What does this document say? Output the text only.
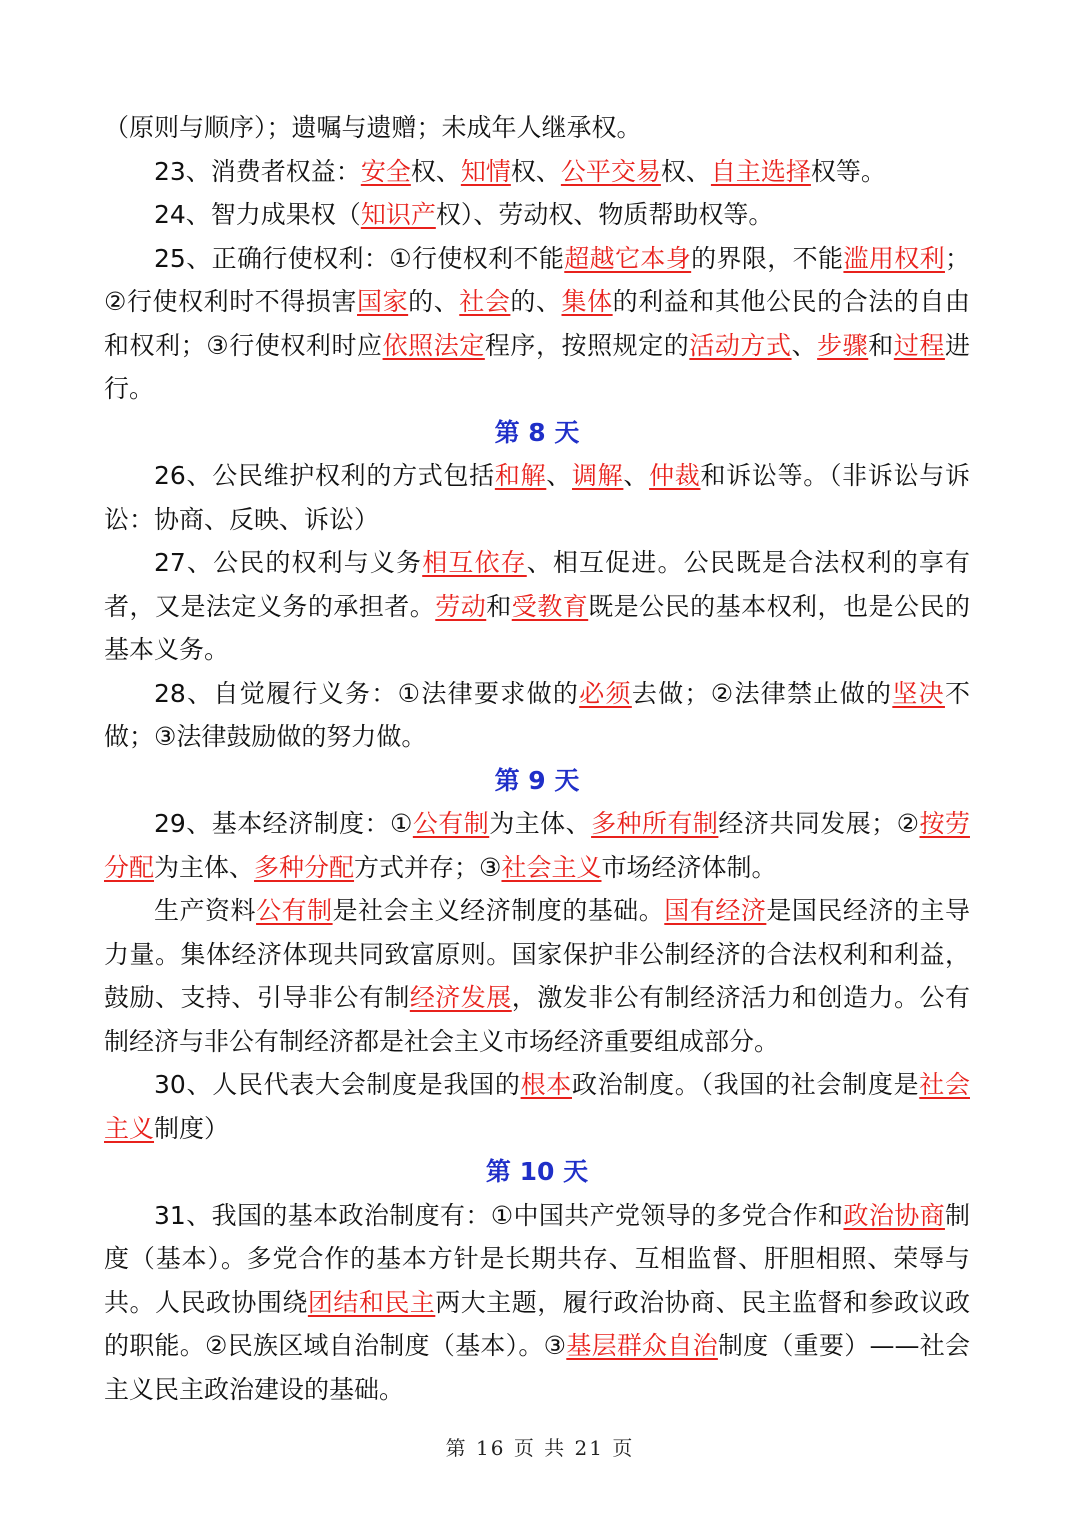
（原则与顺序）；遗嘱与遗赠；未成年人继承权。

23、消费者权益：安全权、知情权、公平交易权、自主选择权等。

24、智力成果权（知识产权）、劳动权、物质帮助权等。

25、正确行使权利：①行使权利不能超越它本身的界限，不能滥用权利；②行使权利时不得损害国家的、社会的、集体的利益和其他公民的合法的自由和权利；③行使权利时应依照法定程序，按照规定的活动方式、步骤和过程进行。

第 8 天

26、公民维护权利的方式包括和解、调解、仲裁和诉讼等。（非诉讼与诉讼：协商、反映、诉讼）

27、公民的权利与义务相互依存、相互促进。公民既是合法权利的享有者，又是法定义务的承担者。劳动和受教育既是公民的基本权利，也是公民的基本义务。

28、自觉履行义务：①法律要求做的必须去做；②法律禁止做的坚决不做；③法律鼓励做的努力做。

第 9 天

29、基本经济制度：①公有制为主体、多种所有制经济共同发展；②按劳分配为主体、多种分配方式并存；③社会主义市场经济体制。

生产资料公有制是社会主义经济制度的基础。国有经济是国民经济的主导力量。集体经济体现共同致富原则。国家保护非公制经济的合法权利和利益，鼓励、支持、引导非公有制经济发展，激发非公有制经济活力和创造力。公有制经济与非公有制经济都是社会主义市场经济重要组成部分。

30、人民代表大会制度是我国的根本政治制度。（我国的社会制度是社会主义制度）

第 10 天

31、我国的基本政治制度有：①中国共产党领导的多党合作和政治协商制度（基本）。多党合作的基本方针是长期共存、互相监督、肝胆相照、荣辱与共。人民政协围绕团结和民主两大主题，履行政治协商、民主监督和参政议政的职能。②民族区域自治制度（基本）。③基层群众自治制度（重要）——社会主义民主政治建设的基础。

第 16 页 共 21 页
